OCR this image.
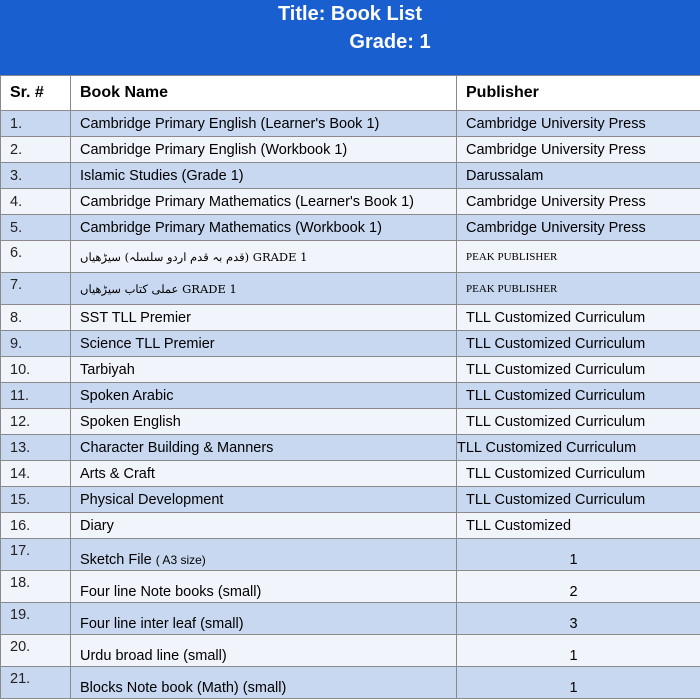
Title: Book List
Grade: 1
Sr. #	Book Name	Publisher
1.	Cambridge Primary English (Learner's Book 1)	Cambridge University Press
2.	Cambridge Primary English (Workbook 1)	Cambridge University Press
3.	Islamic Studies (Grade 1)	Darussalam
4.	Cambridge Primary Mathematics (Learner's Book 1)	Cambridge University Press
5.	Cambridge Primary Mathematics (Workbook 1)	Cambridge University Press
6.	(قدم بہ قدم اردو سلسلہ) سیڑھیاں GRADE 1	PEAK PUBLISHER
7.	عملی کتاب سیڑھیاں GRADE 1	PEAK PUBLISHER
8.	SST TLL Premier	TLL Customized Curriculum
9.	Science TLL Premier	TLL Customized Curriculum
10.	Tarbiyah	TLL Customized Curriculum
11.	Spoken Arabic	TLL Customized Curriculum
12.	Spoken English	TLL Customized Curriculum
13.	Character Building & Manners	TLL Customized Curriculum
14.	Arts & Craft	TLL Customized Curriculum
15.	Physical Development	TLL Customized Curriculum
16.	Diary	TLL Customized
17.	Sketch File ( A3 size)	1
18.	Four line Note books (small)	2
19.	Four line inter leaf (small)	3
20.	Urdu broad line (small)	1
21.	Blocks Note book (Math) (small)	1
